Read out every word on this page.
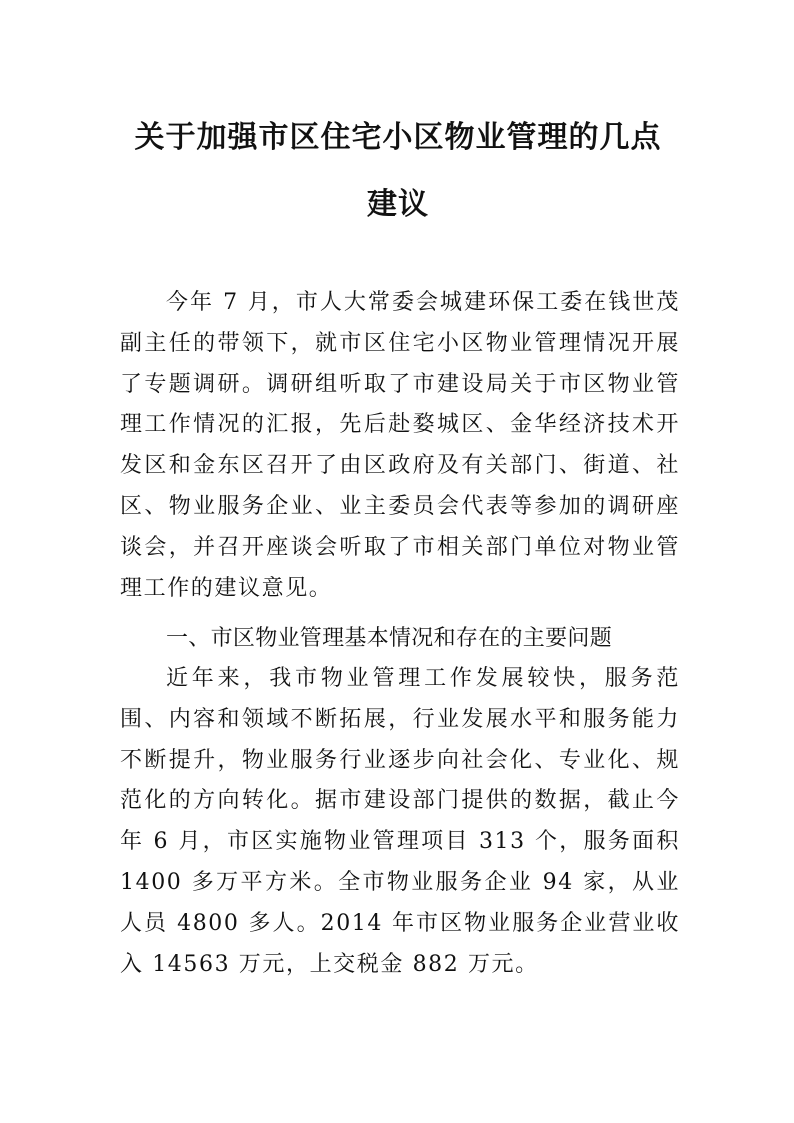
关于加强市区住宅小区物业管理的几点建议

今年 7 月，市人大常委会城建环保工委在钱世茂副主任的带领下，就市区住宅小区物业管理情况开展了专题调研。调研组听取了市建设局关于市区物业管理工作情况的汇报，先后赴婺城区、金华经济技术开发区和金东区召开了由区政府及有关部门、街道、社区、物业服务企业、业主委员会代表等参加的调研座谈会，并召开座谈会听取了市相关部门单位对物业管理工作的建议意见。

一、市区物业管理基本情况和存在的主要问题

近年来，我市物业管理工作发展较快，服务范围、内容和领域不断拓展，行业发展水平和服务能力不断提升，物业服务行业逐步向社会化、专业化、规范化的方向转化。据市建设部门提供的数据，截止今年 6 月，市区实施物业管理项目 313 个，服务面积 1400 多万平方米。全市物业服务企业 94 家，从业人员 4800 多人。2014 年市区物业服务企业营业收入 14563 万元，上交税金 882 万元。
